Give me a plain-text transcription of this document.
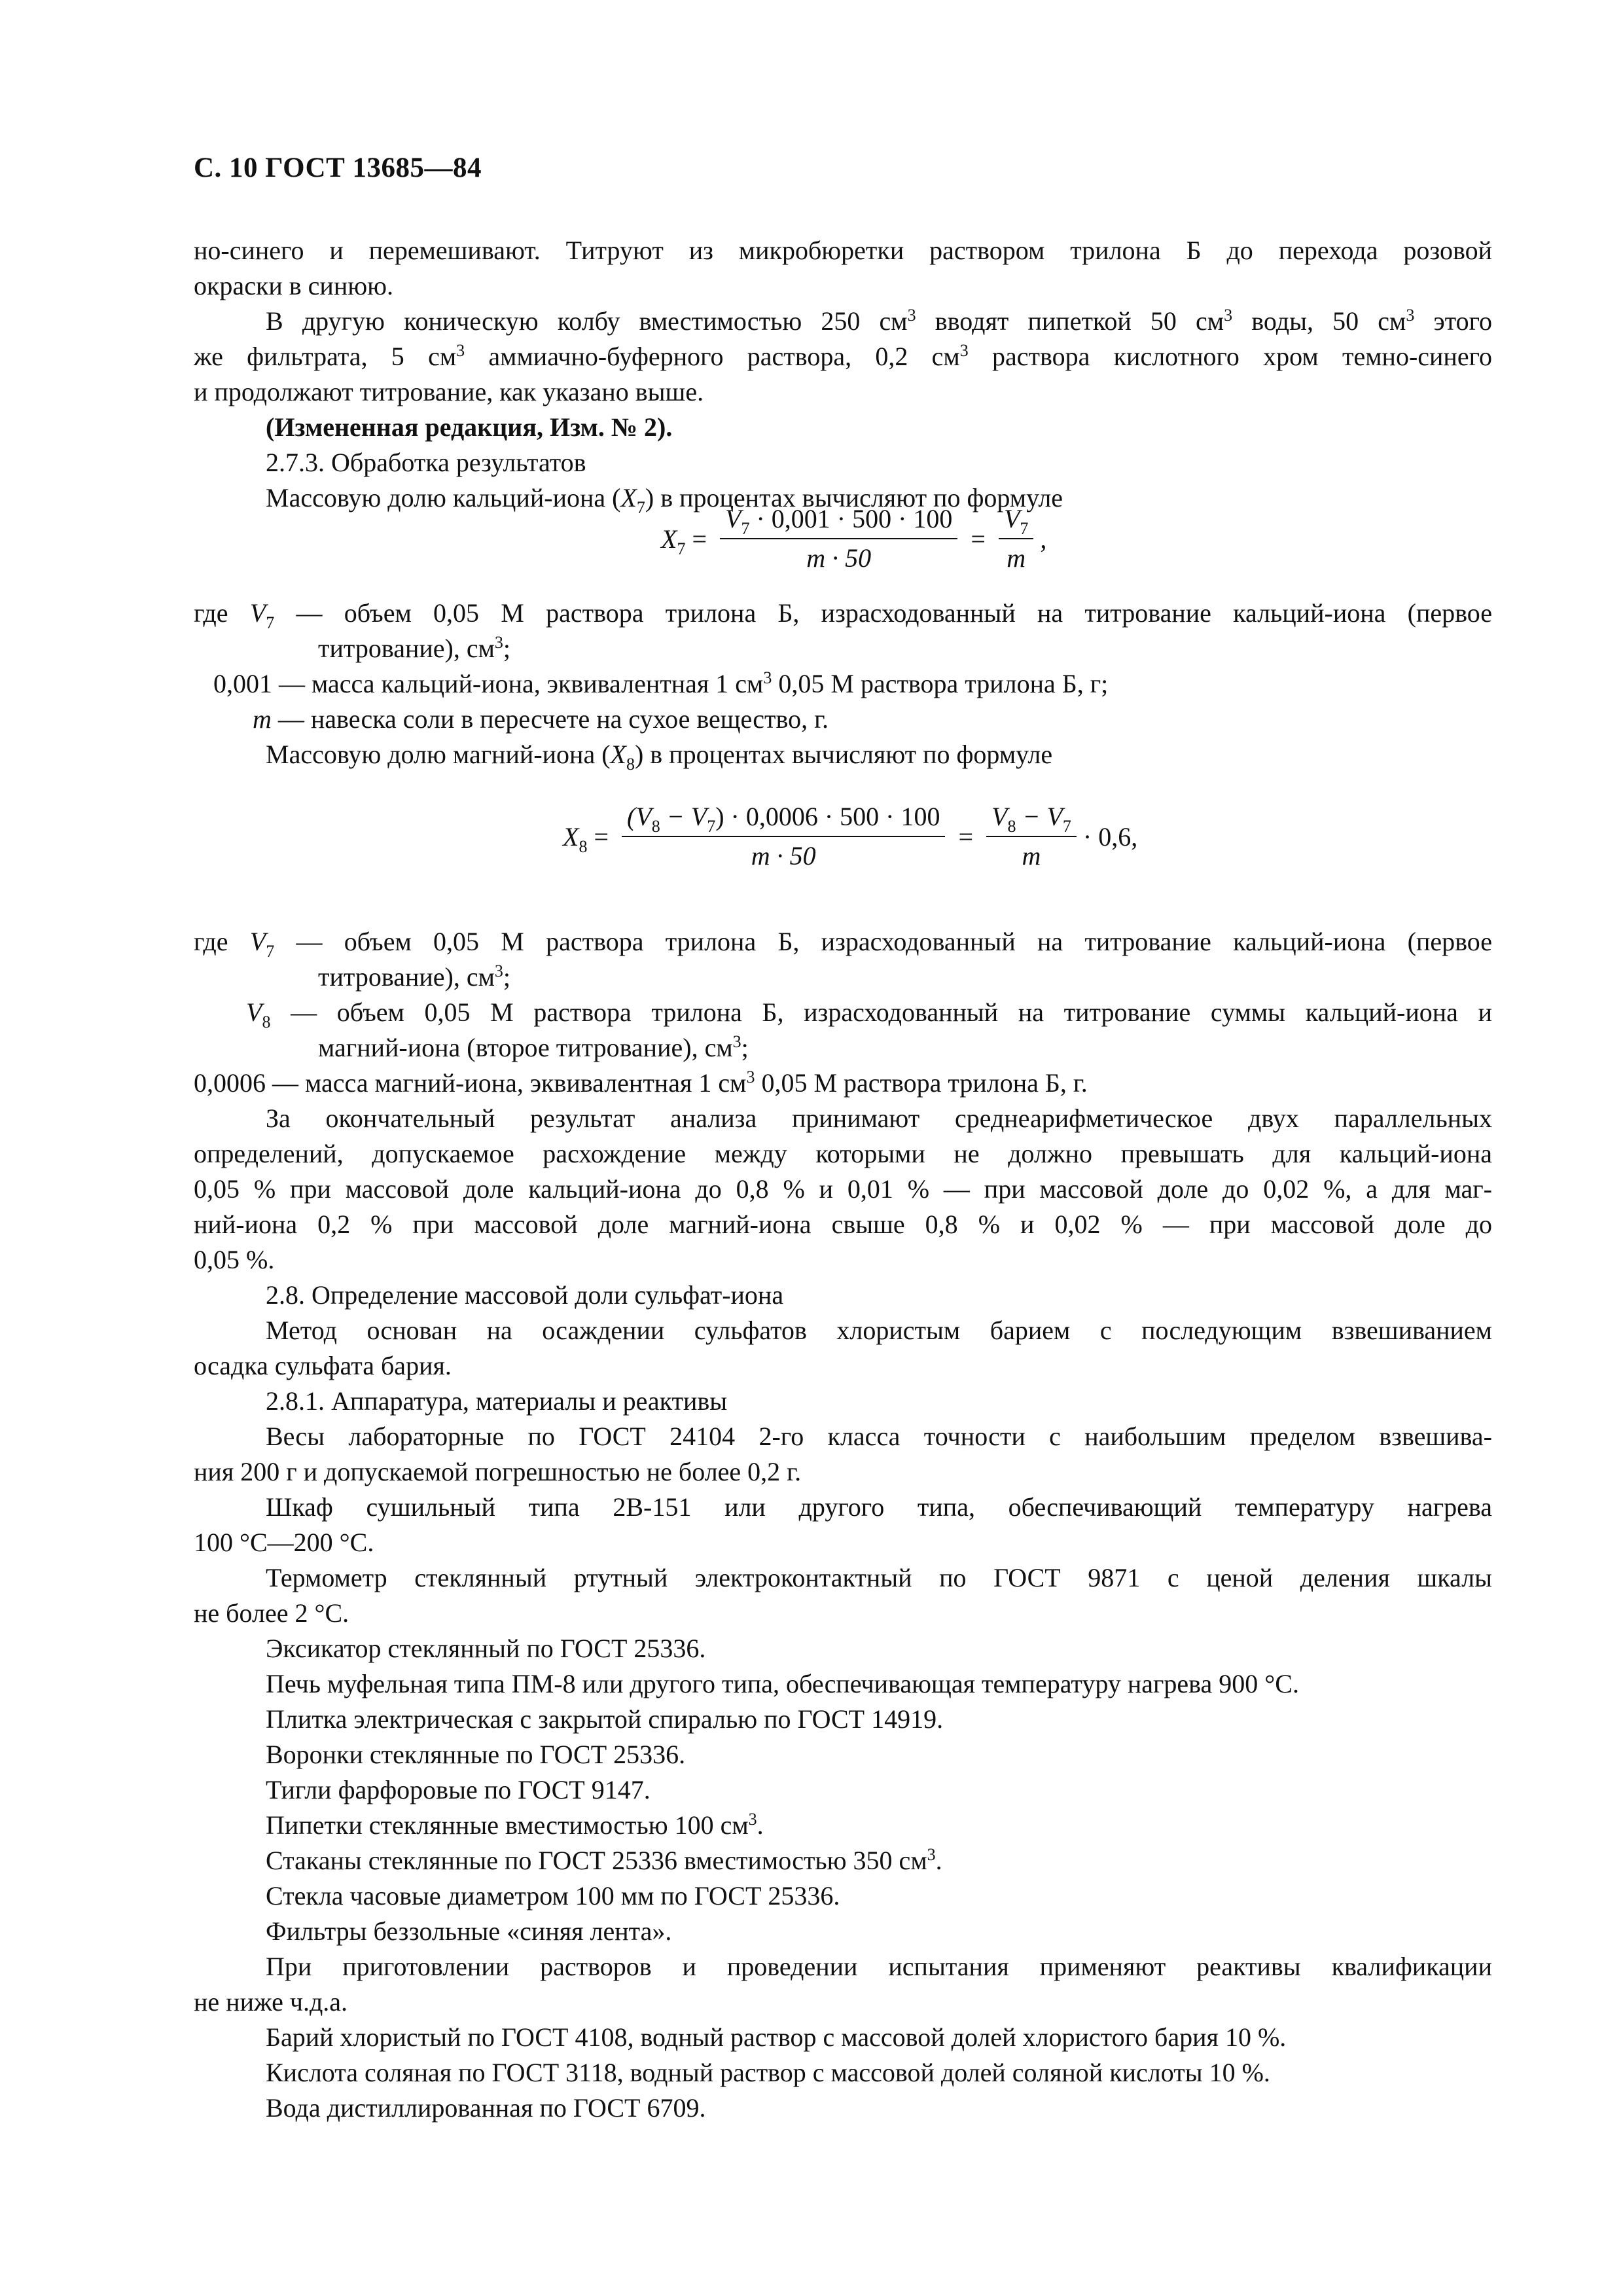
С. 10 ГОСТ 13685—84
но-синего и перемешивают. Титруют из микробюретки раствором трилона Б до перехода розовой
окраски в синюю.
В другую коническую колбу вместимостью 250 $см^3$ вводят пипеткой 50 $см^3$ воды, 50 $см^3$ этого
же фильтрата, 5 $см^3$ аммиачно-буферного раствора, 0,2 $см^3$ раствора кислотного хром темно-синего
и продолжают титрование, как указано выше.
(Измененная редакция, Изм. № 2).
2.7.3. Обработка результатов
Массовую долю кальций-иона $(X_7)$ в процентах вычисляют по формуле
$X_7 = \frac{V_7 \cdot 0,001 \cdot 500 \cdot 100}{m \cdot 50} = \frac{V_7}{m}$ ,
где $V_7$ — объем 0,05 М раствора трилона Б, израсходованный на титрование кальций-иона (первое
титрование), $см^3$;
0,001 — масса кальций-иона, эквивалентная 1 $см^3$ 0,05 М раствора трилона Б, г;
m — навеска соли в пересчете на сухое вещество, г.
Массовую долю магний-иона $(X_8)$ в процентах вычисляют по формуле
$X_8 = \frac{(V_8 - V_7) \cdot 0,0006 \cdot 500 \cdot 100}{m \cdot 50} = \frac{V_8 - V_7}{m} \cdot 0,6$,
где $V_7$ — объем 0,05 М раствора трилона Б, израсходованный на титрование кальций-иона (первое
титрование), $см^3$;
$V_8$ — объем 0,05 М раствора трилона Б, израсходованный на титрование суммы кальций-иона и
магний-иона (второе титрование), $см^3$;
0,0006 — масса магний-иона, эквивалентная 1 $см^3$ 0,05 М раствора трилона Б, г.
За окончательный результат анализа принимают среднеарифметическое двух параллельных
определений, допускаемое расхождение между которыми не должно превышать для кальций-иона
0,05 % при массовой доле кальций-иона до 0,8 % и 0,01 % — при массовой доле до 0,02 %, а для маг-
ний-иона 0,2 % при массовой доле магний-иона свыше 0,8 % и 0,02 % — при массовой доле до
0,05 %.
2.8. Определение массовой доли сульфат-иона
Метод основан на осаждении сульфатов хлористым барием с последующим взвешиванием
осадка сульфата бария.
2.8.1. Аппаратура, материалы и реактивы
Весы лабораторные по ГОСТ 24104 2-го класса точности с наибольшим пределом взвешива-
ния 200 г и допускаемой погрешностью не более 0,2 г.
Шкаф сушильный типа 2В-151 или другого типа, обеспечивающий температуру нагрева
100 °С—200 °С.
Термометр стеклянный ртутный электроконтактный по ГОСТ 9871 с ценой деления шкалы
не более 2 °С.
Эксикатор стеклянный по ГОСТ 25336.
Печь муфельная типа ПМ-8 или другого типа, обеспечивающая температуру нагрева 900 °С.
Плитка электрическая с закрытой спиралью по ГОСТ 14919.
Воронки стеклянные по ГОСТ 25336.
Тигли фарфоровые по ГОСТ 9147.
Пипетки стеклянные вместимостью 100 $см^3$.
Стаканы стеклянные по ГОСТ 25336 вместимостью 350 $см^3$.
Стекла часовые диаметром 100 мм по ГОСТ 25336.
Фильтры беззольные «синяя лента».
При приготовлении растворов и проведении испытания применяют реактивы квалификации
не ниже ч.д.а.
Барий хлористый по ГОСТ 4108, водный раствор с массовой долей хлористого бария 10 %.
Кислота соляная по ГОСТ 3118, водный раствор с массовой долей соляной кислоты 10 %.
Вода дистиллированная по ГОСТ 6709.
